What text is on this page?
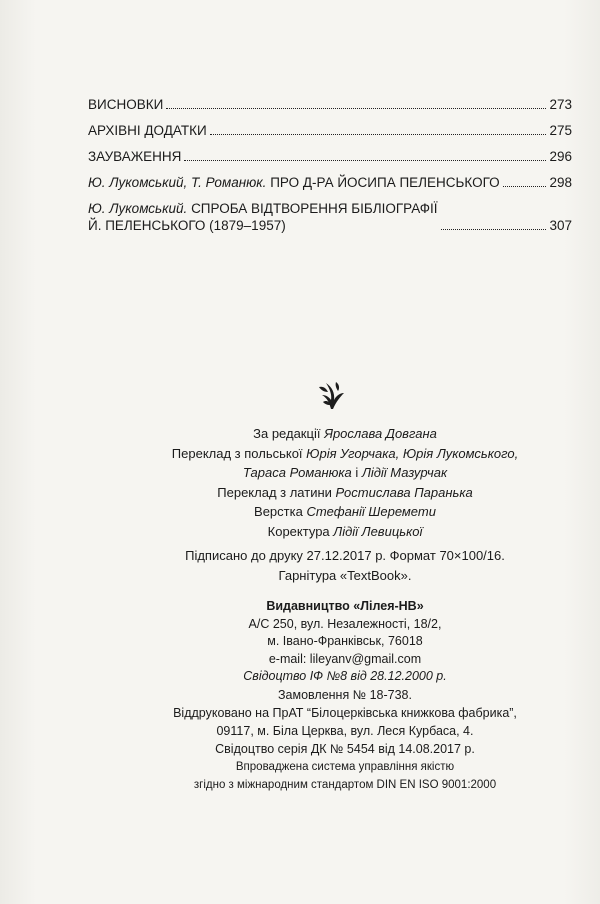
ВИСНОВКИ	273
АРХІВНІ ДОДАТКИ	275
ЗАУВАЖЕННЯ	296
Ю. Лукомський, Т. Романюк. ПРО Д-РА ЙОСИПА ПЕЛЕНСЬКОГО	298
Ю. Лукомський. СПРОБА ВІДТВОРЕННЯ БІБЛІОГРАФІЇ
Й. ПЕЛЕНСЬКОГО (1879–1957)	307
За редакції Ярослава Довгана
Переклад з польської Юрія Угорчака, Юрія Лукомського,
Тараса Романюка і Лідії Мазурчак
Переклад з латини Ростислава Паранька
Верстка Стефанії Шеремети
Коректура Лідії Левицької
Підписано до друку 27.12.2017 р. Формат 70×100/16.
Гарнітура «TextBook».
Видавництво «Лілея-НВ»
А/С 250, вул. Незалежності, 18/2,
м. Івано-Франківськ, 76018
e-mail: lileyanv@gmail.com
Свідоцтво ІФ №8 від 28.12.2000 р.
Замовлення № 18-738.
Віддруковано на ПрАТ “Білоцерківська книжкова фабрика”,
09117, м. Біла Церква, вул. Леся Курбаса, 4.
Свідоцтво серія ДК № 5454 від 14.08.2017 р.
Впроваджена система управління якістю
згідно з міжнародним стандартом DIN EN ISO 9001:2000
